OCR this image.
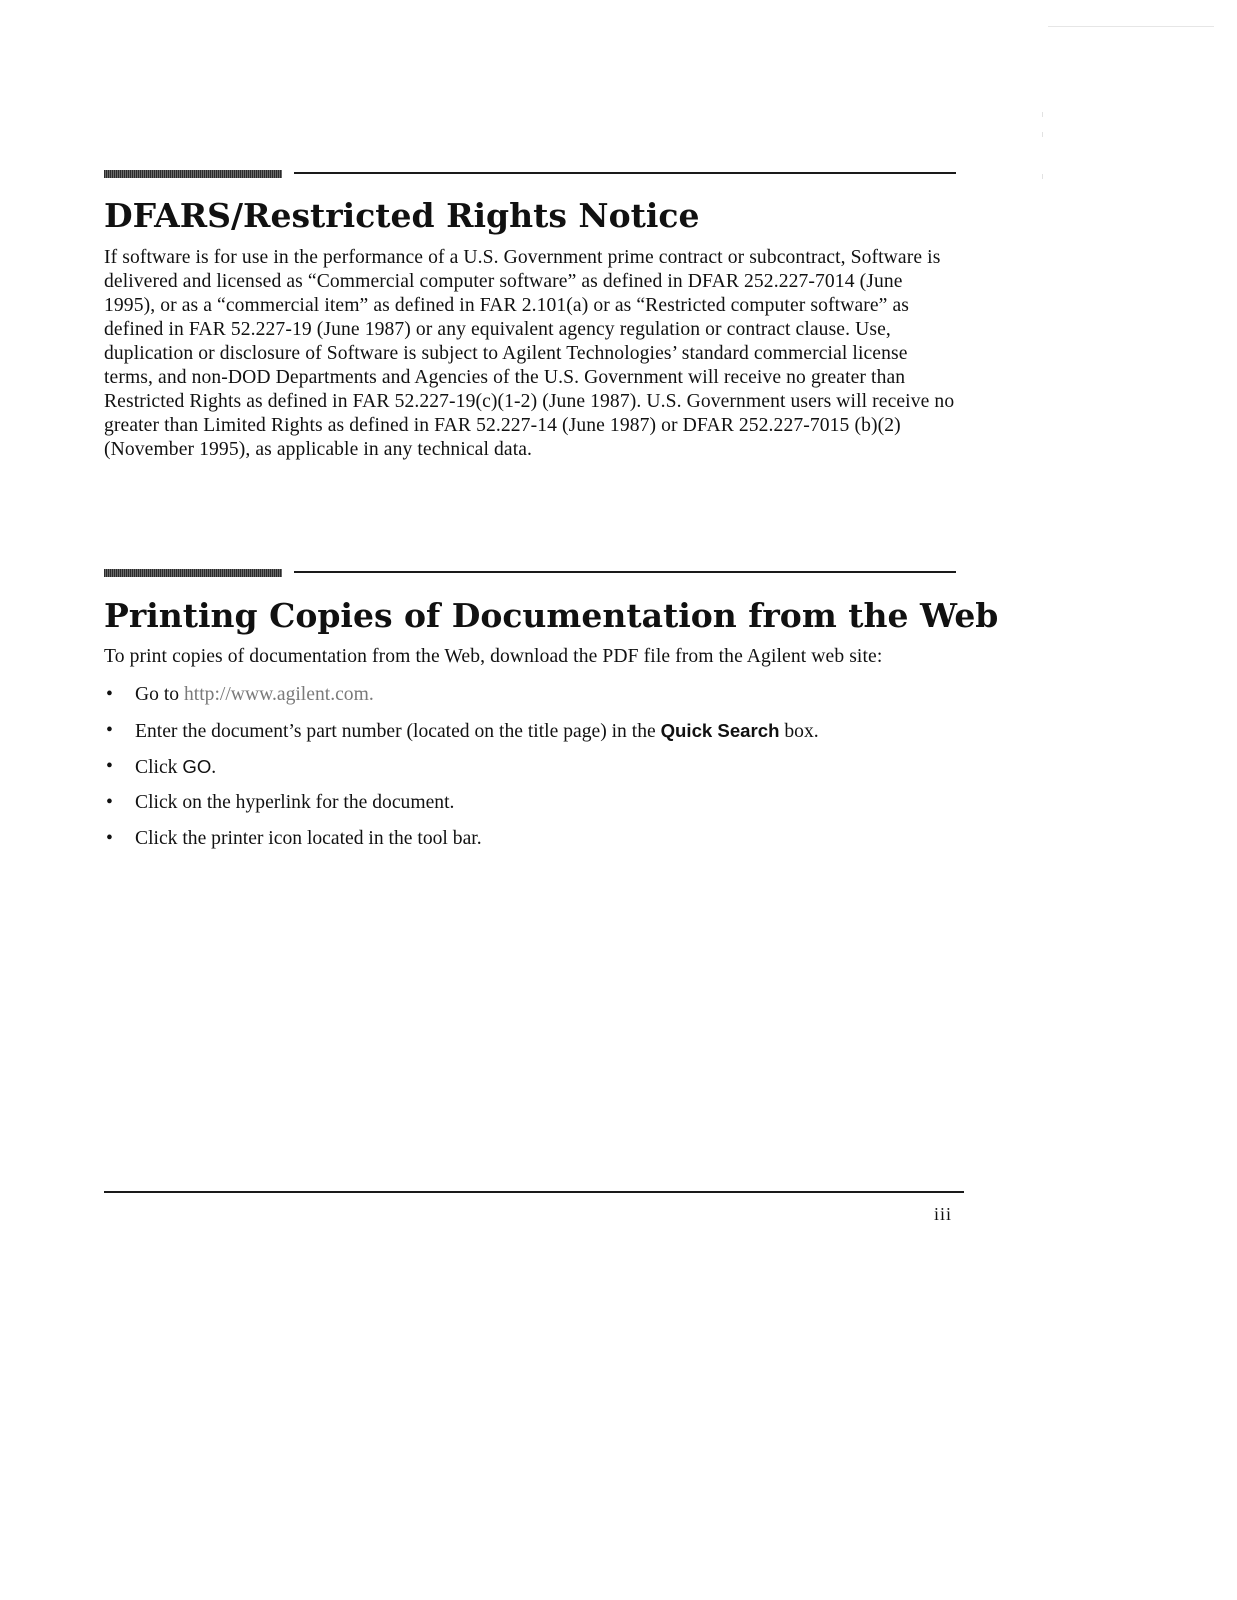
DFARS/Restricted Rights Notice

If software is for use in the performance of a U.S. Government prime contract or subcontract, Software is delivered and licensed as “Commercial computer software” as defined in DFAR 252.227-7014 (June 1995), or as a “commercial item” as defined in FAR 2.101(a) or as “Restricted computer software” as defined in FAR 52.227-19 (June 1987) or any equivalent agency regulation or contract clause. Use, duplication or disclosure of Software is subject to Agilent Technologies’ standard commercial license terms, and non-DOD Departments and Agencies of the U.S. Government will receive no greater than Restricted Rights as defined in FAR 52.227-19(c)(1-2) (June 1987). U.S. Government users will receive no greater than Limited Rights as defined in FAR 52.227-14 (June 1987) or DFAR 252.227-7015 (b)(2) (November 1995), as applicable in any technical data.

Printing Copies of Documentation from the Web

To print copies of documentation from the Web, download the PDF file from the Agilent web site:

• Go to http://www.agilent.com.
• Enter the document’s part number (located on the title page) in the Quick Search box.
• Click GO.
• Click on the hyperlink for the document.
• Click the printer icon located in the tool bar.
iii
